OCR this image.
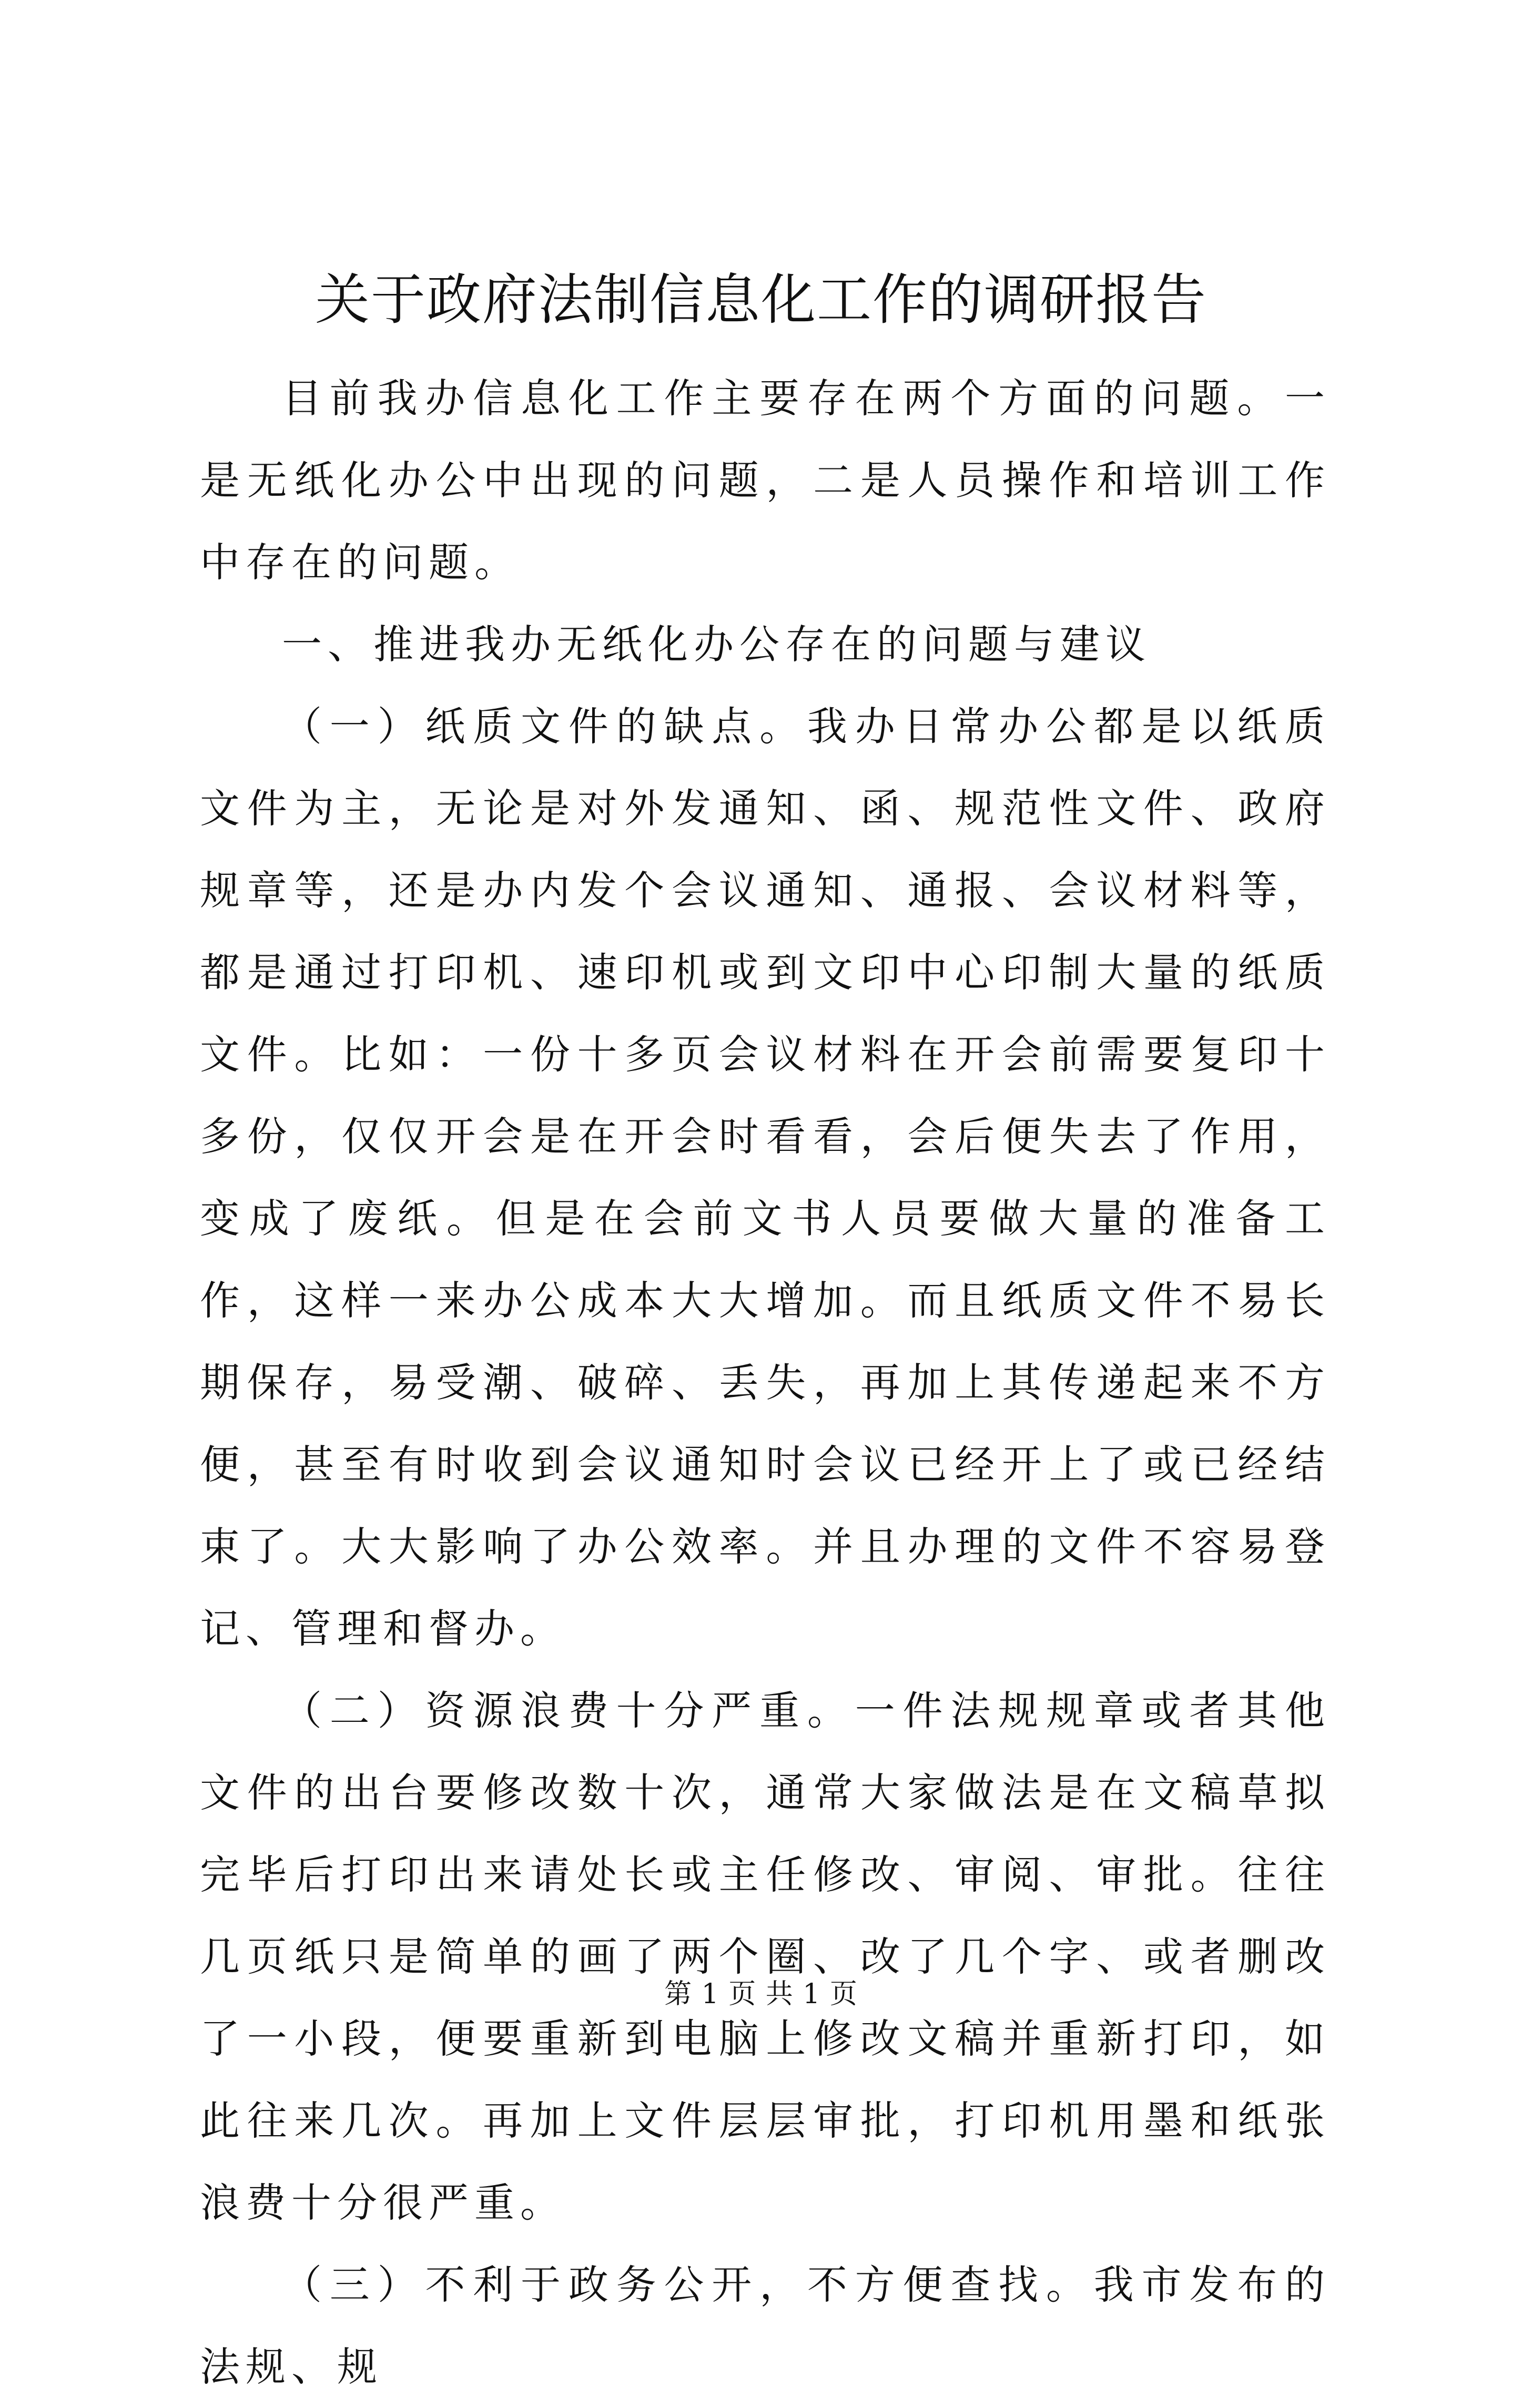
关于政府法制信息化工作的调研报告

目前我办信息化工作主要存在两个方面的问题。一是无纸化办公中出现的问题，二是人员操作和培训工作中存在的问题。

一、推进我办无纸化办公存在的问题与建议

（一）纸质文件的缺点。我办日常办公都是以纸质文件为主，无论是对外发通知、函、规范性文件、政府规章等，还是办内发个会议通知、通报、会议材料等，都是通过打印机、速印机或到文印中心印制大量的纸质文件。比如：一份十多页会议材料在开会前需要复印十多份，仅仅开会是在开会时看看，会后便失去了作用，变成了废纸。但是在会前文书人员要做大量的准备工作，这样一来办公成本大大增加。而且纸质文件不易长期保存，易受潮、破碎、丢失，再加上其传递起来不方便，甚至有时收到会议通知时会议已经开上了或已经结束了。大大影响了办公效率。并且办理的文件不容易登记、管理和督办。

（二）资源浪费十分严重。一件法规规章或者其他文件的出台要修改数十次，通常大家做法是在文稿草拟完毕后打印出来请处长或主任修改、审阅、审批。往往几页纸只是简单的画了两个圈、改了几个字、或者删改了一小段，便要重新到电脑上修改文稿并重新打印，如此往来几次。再加上文件层层审批，打印机用墨和纸张浪费十分很严重。

（三）不利于政务公开，不方便查找。我市发布的法规、规

第 1 页 共 1 页
